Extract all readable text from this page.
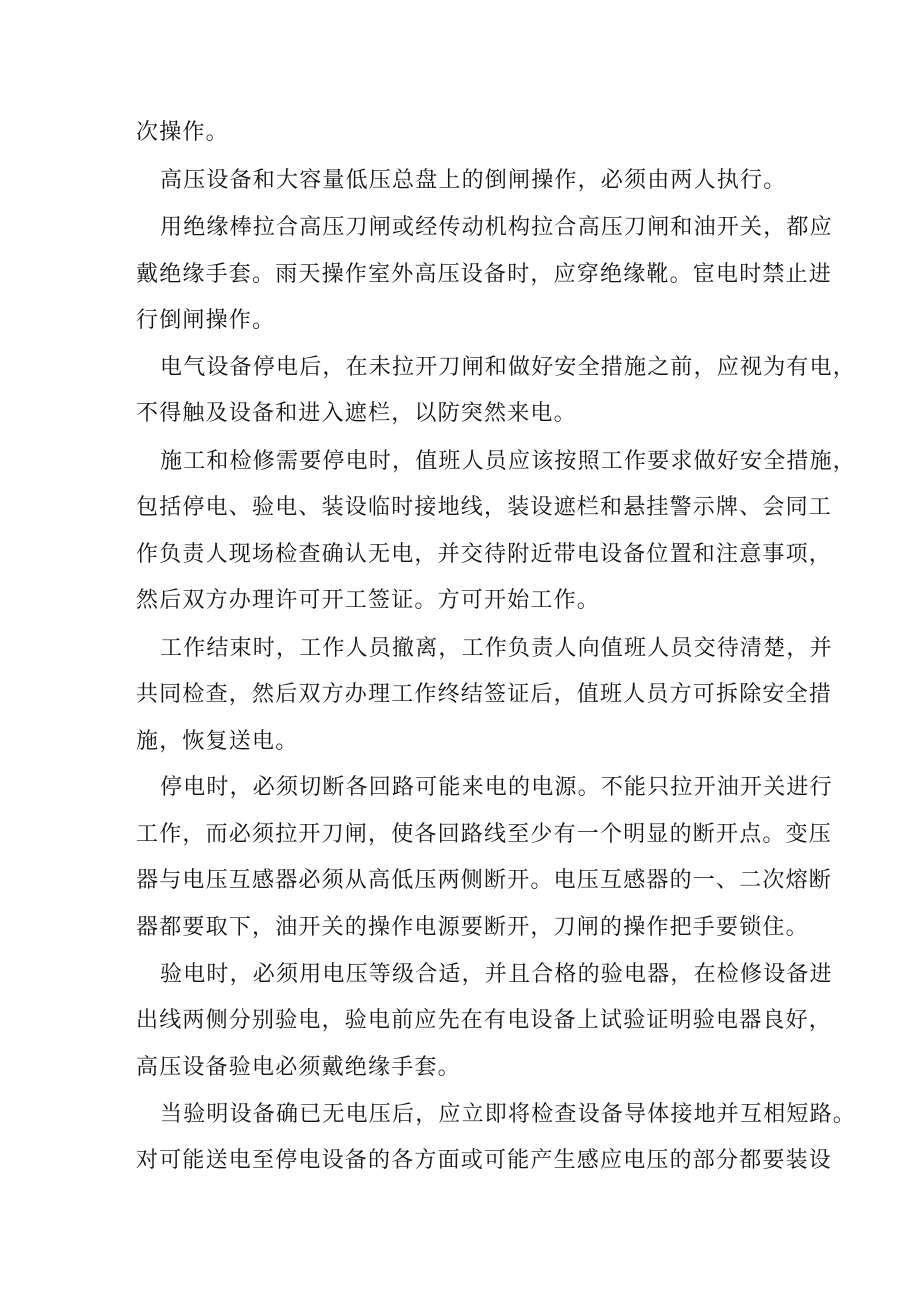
次操作。
高压设备和大容量低压总盘上的倒闸操作，必须由两人执行。
用绝缘棒拉合高压刀闸或经传动机构拉合高压刀闸和油开关，都应
戴绝缘手套。雨天操作室外高压设备时，应穿绝缘靴。宦电时禁止进
行倒闸操作。
电气设备停电后，在未拉开刀闸和做好安全措施之前，应视为有电，
不得触及设备和进入遮栏，以防突然来电。
施工和检修需要停电时，值班人员应该按照工作要求做好安全措施，
包括停电、验电、装设临时接地线，装设遮栏和悬挂警示牌、会同工
作负责人现场检查确认无电，并交待附近带电设备位置和注意事项，
然后双方办理许可开工签证。方可开始工作。
工作结束时，工作人员撤离，工作负责人向值班人员交待清楚，并
共同检查，然后双方办理工作终结签证后，值班人员方可拆除安全措
施，恢复送电。
停电时，必须切断各回路可能来电的电源。不能只拉开油开关进行
工作，而必须拉开刀闸，使各回路线至少有一个明显的断开点。变压
器与电压互感器必须从高低压两侧断开。电压互感器的一、二次熔断
器都要取下，油开关的操作电源要断开，刀闸的操作把手要锁住。
验电时，必须用电压等级合适，并且合格的验电器，在检修设备进
出线两侧分别验电，验电前应先在有电设备上试验证明验电器良好，
高压设备验电必须戴绝缘手套。
当验明设备确已无电压后，应立即将检查设备导体接地并互相短路。
对可能送电至停电设备的各方面或可能产生感应电压的部分都要装设
